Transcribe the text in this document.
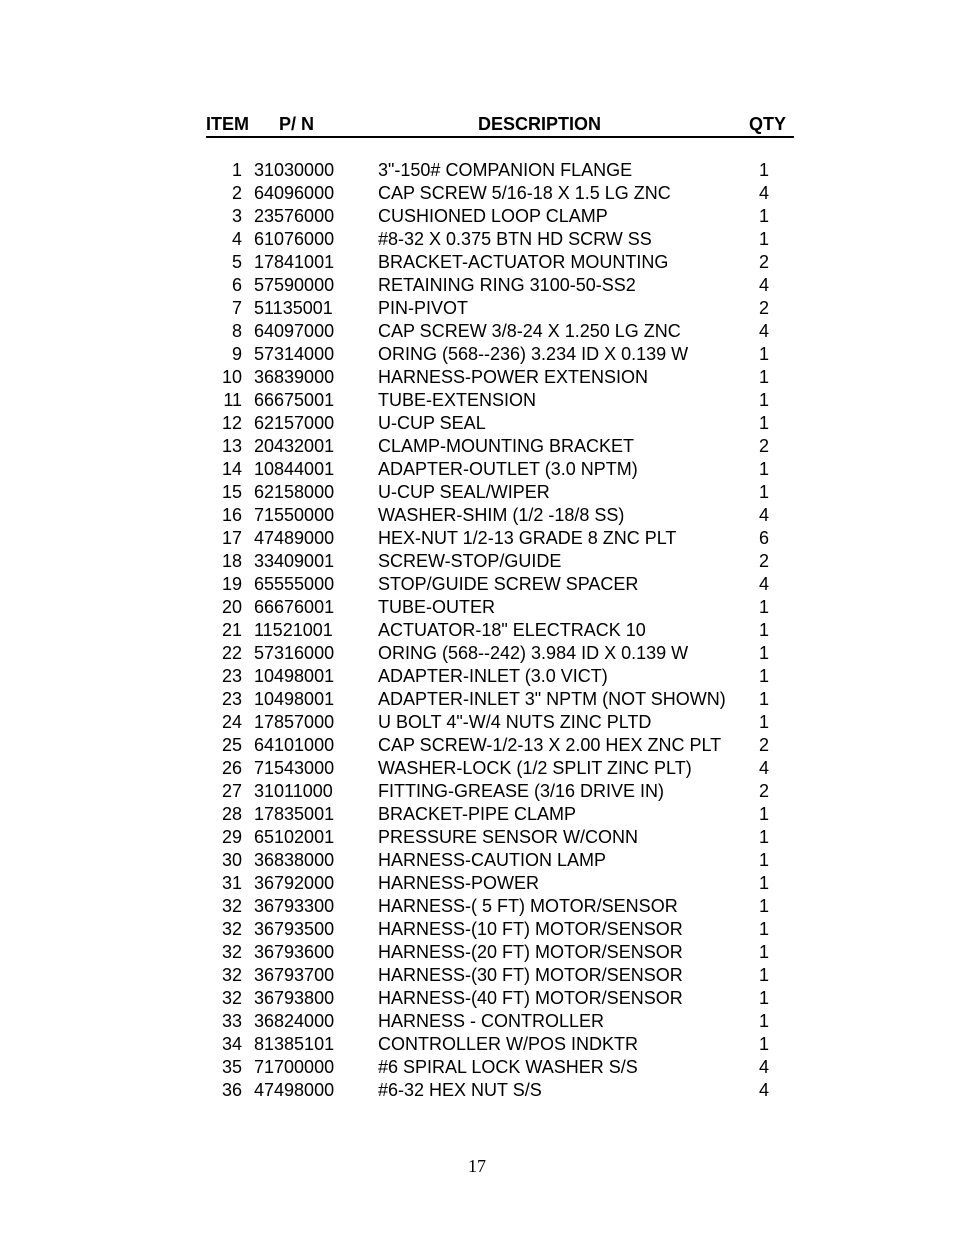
ITEM P/ N	DESCRIPTION	QTY
1 31030000 3"-150# COMPANION FLANGE	1
2 64096000 CAP SCREW 5/16-18 X 1.5 LG ZNC	4
3 23576000 CUSHIONED LOOP CLAMP	1
4 61076000 #8-32 X 0.375 BTN HD SCRW SS	1
5 17841001 BRACKET-ACTUATOR MOUNTING	2
6 57590000 RETAINING RING 3100-50-SS2	4
7 51135001	PIN-PIVOT	2
8 64097000 CAP SCREW 3/8-24 X 1.250 LG ZNC	4
9 57314000 ORING (568--236) 3.234 ID X 0.139 W	1
10 36839000 HARNESS-POWER EXTENSION	1
11 66675001 TUBE-EXTENSION	1
12 62157000 U-CUP SEAL	1
13 20432001 CLAMP-MOUNTING BRACKET	2
14 10844001 ADAPTER-OUTLET (3.0 NPTM)	1
15 62158000 U-CUP SEAL/WIPER	1
16 71550000 WASHER-SHIM (1/2 -18/8 SS)	4
17 47489000 HEX-NUT 1/2-13 GRADE 8 ZNC PLT	6
18 33409001 SCREW-STOP/GUIDE	2
19 65555000 STOP/GUIDE SCREW SPACER	4
20 66676001 TUBE-OUTER	1
21 11521001	ACTUATOR-18" ELECTRACK 10	1
22 57316000 ORING (568--242) 3.984 ID X 0.139 W	1
23 10498001 ADAPTER-INLET (3.0 VICT)	1
23 10498001 ADAPTER-INLET 3" NPTM (NOT SHOWN) 1
24 17857000 U BOLT 4"-W/4 NUTS ZINC PLTD	1
25 64101000 CAP SCREW-1/2-13 X 2.00 HEX ZNC PLT 2
26 71543000 WASHER-LOCK (1/2 SPLIT ZINC PLT)	4
27 31011000	FITTING-GREASE (3/16 DRIVE IN)	2
28 17835001 BRACKET-PIPE CLAMP	1
29 65102001 PRESSURE SENSOR W/CONN	1
30 36838000 HARNESS-CAUTION LAMP	1
31 36792000 HARNESS-POWER	1
32 36793300 HARNESS-( 5 FT) MOTOR/SENSOR	1
32 36793500 HARNESS-(10 FT) MOTOR/SENSOR	1
32 36793600 HARNESS-(20 FT) MOTOR/SENSOR	1
32 36793700 HARNESS-(30 FT) MOTOR/SENSOR	1
32 36793800 HARNESS-(40 FT) MOTOR/SENSOR	1
33 36824000 HARNESS - CONTROLLER	1
34 81385101 CONTROLLER W/POS INDKTR	1
35 71700000 #6 SPIRAL LOCK WASHER S/S	4
36 47498000 #6-32 HEX NUT S/S	4
17
